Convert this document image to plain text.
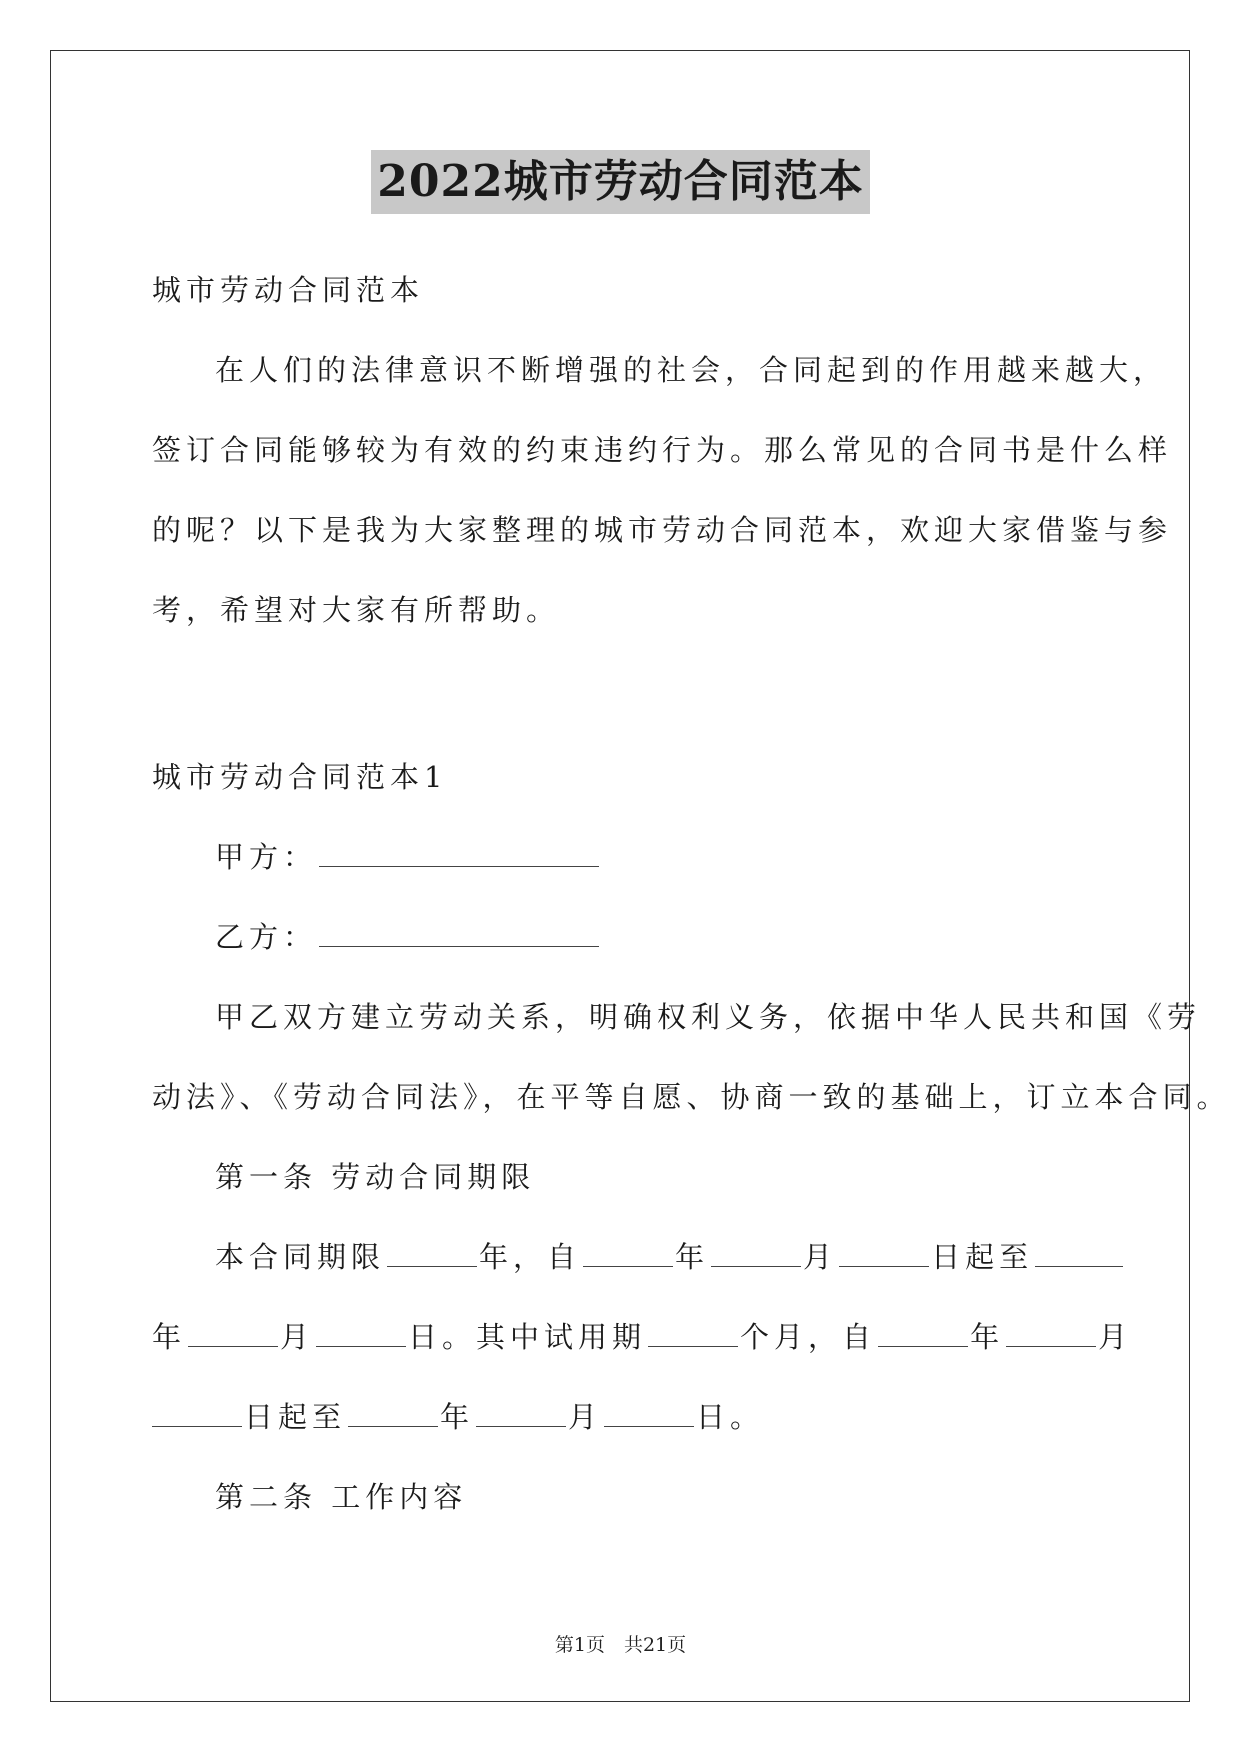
2022城市劳动合同范本
城市劳动合同范本
在人们的法律意识不断增强的社会，合同起到的作用越来越大，
签订合同能够较为有效的约束违约行为。那么常见的合同书是什么样
的呢？以下是我为大家整理的城市劳动合同范本，欢迎大家借鉴与参
考，希望对大家有所帮助。
城市劳动合同范本1
甲方：
乙方：
甲乙双方建立劳动关系，明确权利义务，依据中华人民共和国《劳
动法》、《劳动合同法》，在平等自愿、协商一致的基础上，订立本合同。
第一条 劳动合同期限
本合同期限	年，自	年	月	日起至
年	月	日。其中试用期	个月，自	年	月
日起至	年	月	日。
第二条 工作内容
第1页　共21页
